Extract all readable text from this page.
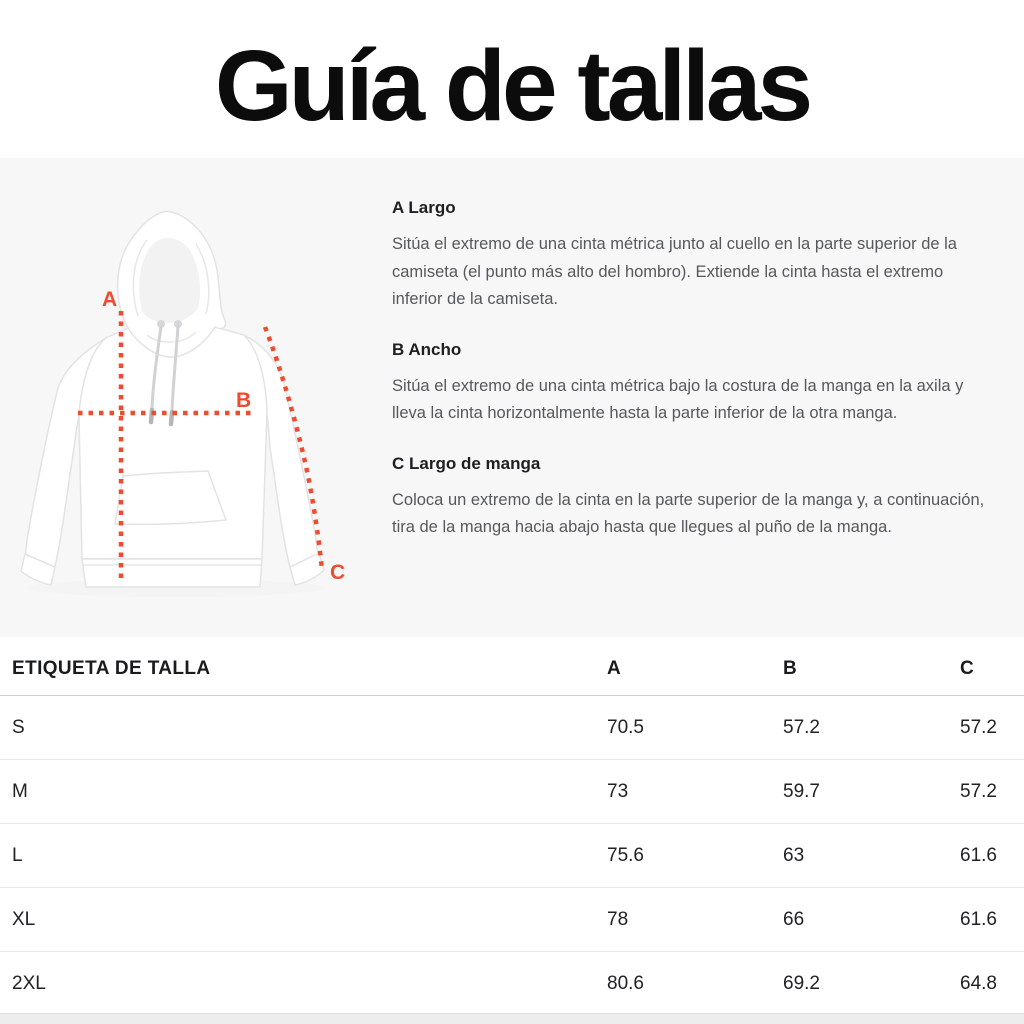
Guía de tallas
A
B
C
A Largo

Sitúa el extremo de una cinta métrica junto al cuello en la parte superior de la camiseta (el punto más alto del hombro). Extiende la cinta hasta el extremo inferior de la camiseta.

B Ancho

Sitúa el extremo de una cinta métrica bajo la costura de la manga en la axila y lleva la cinta horizontalmente hasta la parte inferior de la otra manga.

C Largo de manga

Coloca un extremo de la cinta en la parte superior de la manga y, a continuación, tira de la manga hacia abajo hasta que llegues al puño de la manga.

ETIQUETA DE TALLA	A	B	C
S	70.5	57.2	57.2
M	73	59.7	57.2
L	75.6	63	61.6
XL	78	66	61.6
2XL	80.6	69.2	64.8
